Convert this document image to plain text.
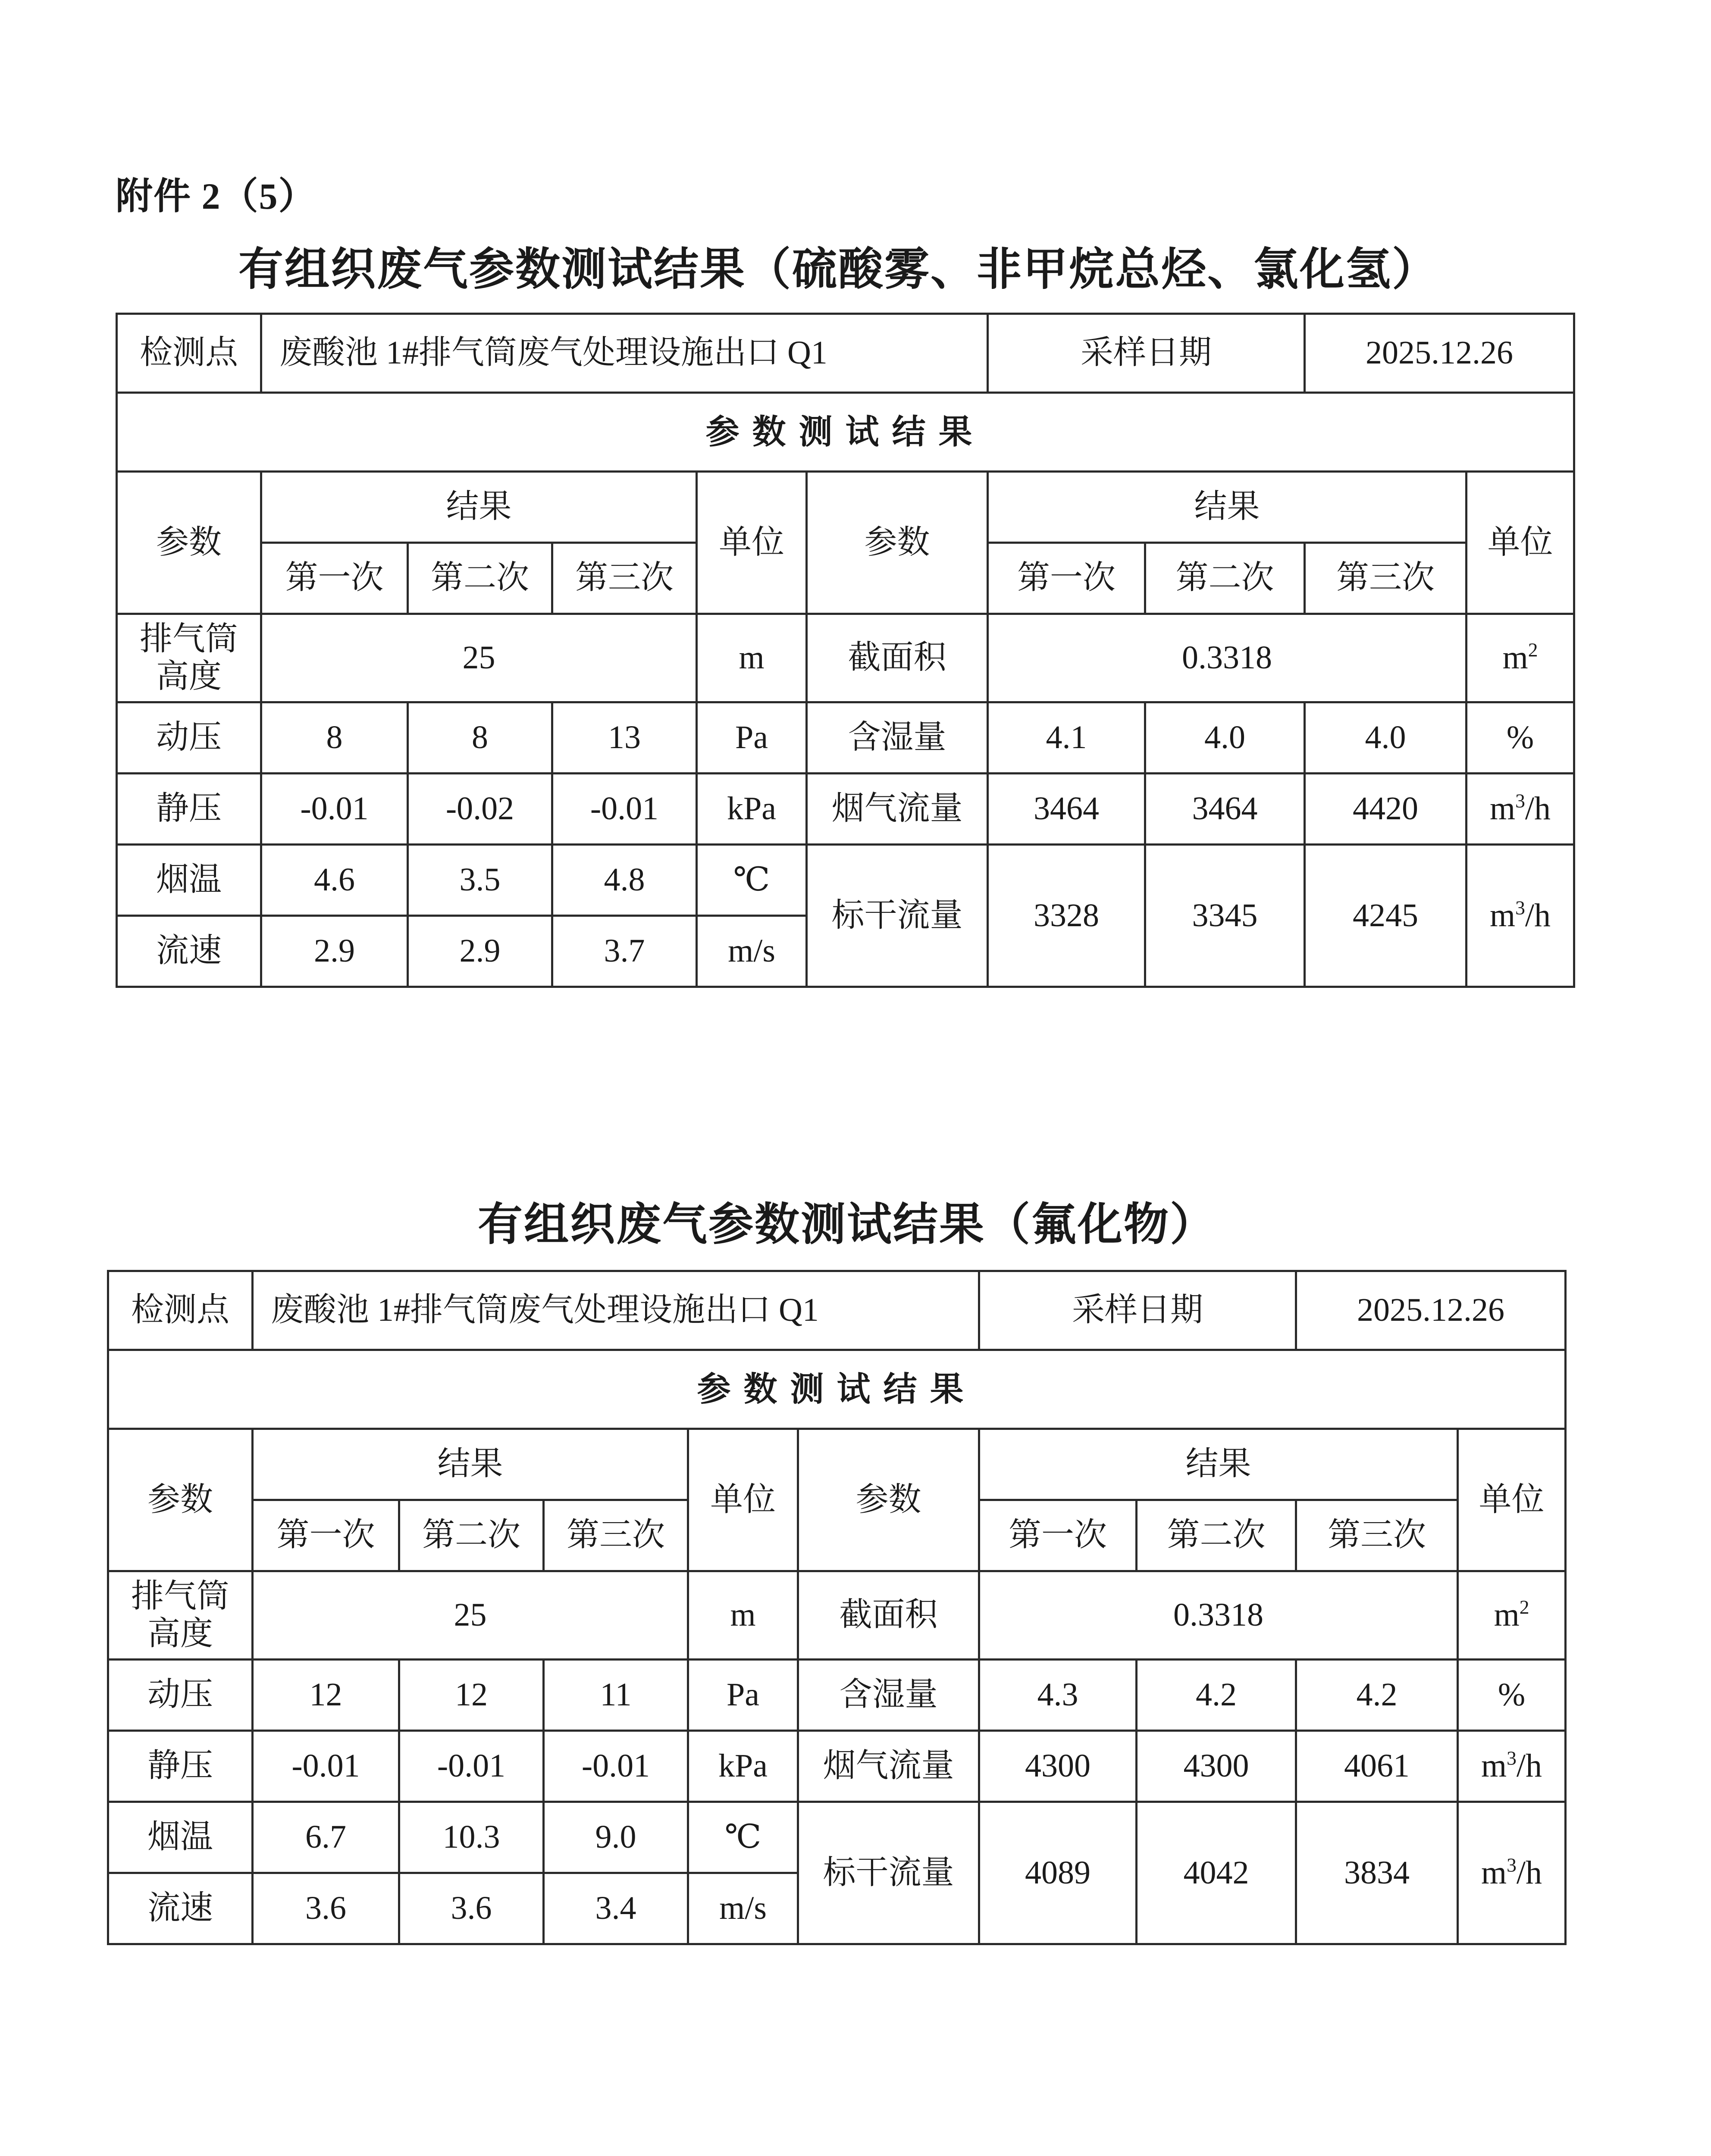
附件 2（5）
有组织废气参数测试结果（硫酸雾、非甲烷总烃、氯化氢）
有组织废气参数测试结果（氟化物）
检测点	废酸池 1#排气筒废气处理设施出口 Q1					采样日期		2025.12.26	
参数测试结果									
参数	结果			单位	参数	结果			单位
	第一次	第二次	第三次			第一次	第二次	第三次	
排气筒
高度	25			m	截面积	0.3318			$m^2$
动压	8	8	13	Pa	含湿量	4.1	4.0	4.0	%
静压	-0.01	-0.02	-0.01	kPa	烟气流量	3464	3464	4420	$m^3/h$
烟温	4.6	3.5	4.8	℃	标干流量	3328	3345	4245	$m^3/h$
流速	2.9	2.9	3.7	m/s					
检测点	废酸池 1#排气筒废气处理设施出口 Q1					采样日期		2025.12.26	
参数测试结果									
参数	结果			单位	参数	结果			单位
	第一次	第二次	第三次			第一次	第二次	第三次	
排气筒
高度	25			m	截面积	0.3318			$m^2$
动压	12	12	11	Pa	含湿量	4.3	4.2	4.2	%
静压	-0.01	-0.01	-0.01	kPa	烟气流量	4300	4300	4061	$m^3/h$
烟温	6.7	10.3	9.0	℃	标干流量	4089	4042	3834	$m^3/h$
流速	3.6	3.6	3.4	m/s					
